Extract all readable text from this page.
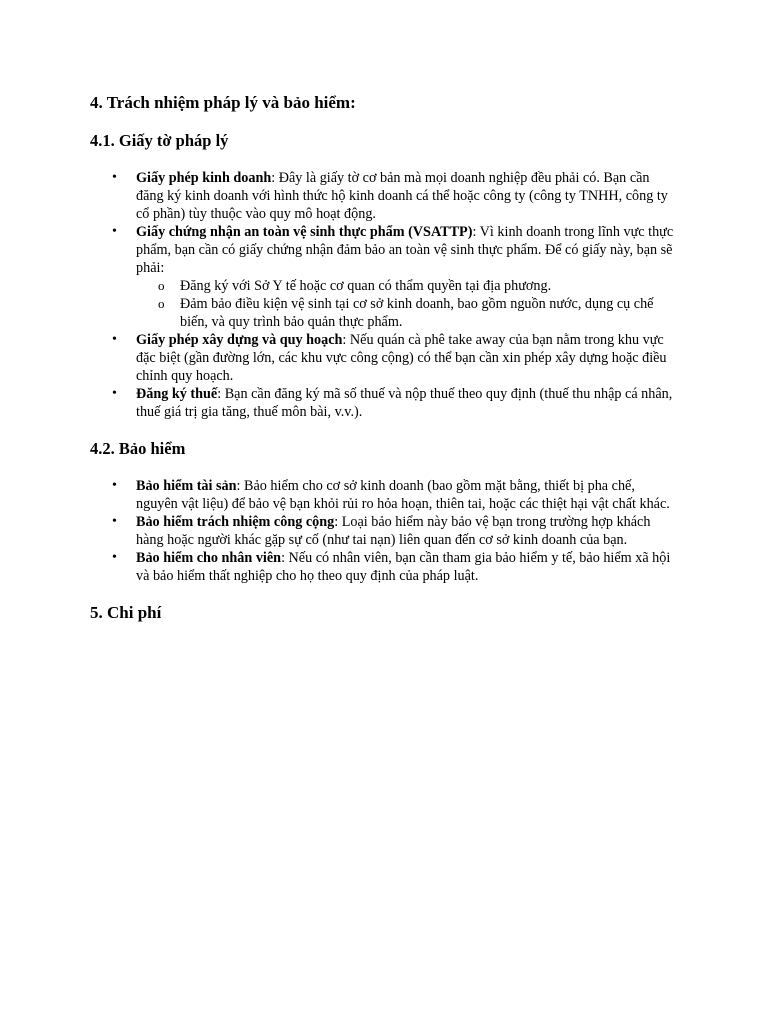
4. Trách nhiệm pháp lý và bảo hiểm:
4.1. Giấy tờ pháp lý
• Giấy phép kinh doanh: Đây là giấy tờ cơ bản mà mọi doanh nghiệp đều phải có. Bạn cần đăng ký kinh doanh với hình thức hộ kinh doanh cá thể hoặc công ty (công ty TNHH, công ty cổ phần) tùy thuộc vào quy mô hoạt động.
• Giấy chứng nhận an toàn vệ sinh thực phẩm (VSATTP): Vì kinh doanh trong lĩnh vực thực phẩm, bạn cần có giấy chứng nhận đảm bảo an toàn vệ sinh thực phẩm. Để có giấy này, bạn sẽ phải:
o Đăng ký với Sở Y tế hoặc cơ quan có thẩm quyền tại địa phương.
o Đảm bảo điều kiện vệ sinh tại cơ sở kinh doanh, bao gồm nguồn nước, dụng cụ chế biến, và quy trình bảo quản thực phẩm.
• Giấy phép xây dựng và quy hoạch: Nếu quán cà phê take away của bạn nằm trong khu vực đặc biệt (gần đường lớn, các khu vực công cộng) có thể bạn cần xin phép xây dựng hoặc điều chỉnh quy hoạch.
• Đăng ký thuế: Bạn cần đăng ký mã số thuế và nộp thuế theo quy định (thuế thu nhập cá nhân, thuế giá trị gia tăng, thuế môn bài, v.v.).
4.2. Bảo hiểm
• Bảo hiểm tài sản: Bảo hiểm cho cơ sở kinh doanh (bao gồm mặt bằng, thiết bị pha chế, nguyên vật liệu) để bảo vệ bạn khỏi rủi ro hỏa hoạn, thiên tai, hoặc các thiệt hại vật chất khác.
• Bảo hiểm trách nhiệm công cộng: Loại bảo hiểm này bảo vệ bạn trong trường hợp khách hàng hoặc người khác gặp sự cố (như tai nạn) liên quan đến cơ sở kinh doanh của bạn.
• Bảo hiểm cho nhân viên: Nếu có nhân viên, bạn cần tham gia bảo hiểm y tế, bảo hiểm xã hội và bảo hiểm thất nghiệp cho họ theo quy định của pháp luật.
5. Chi phí
